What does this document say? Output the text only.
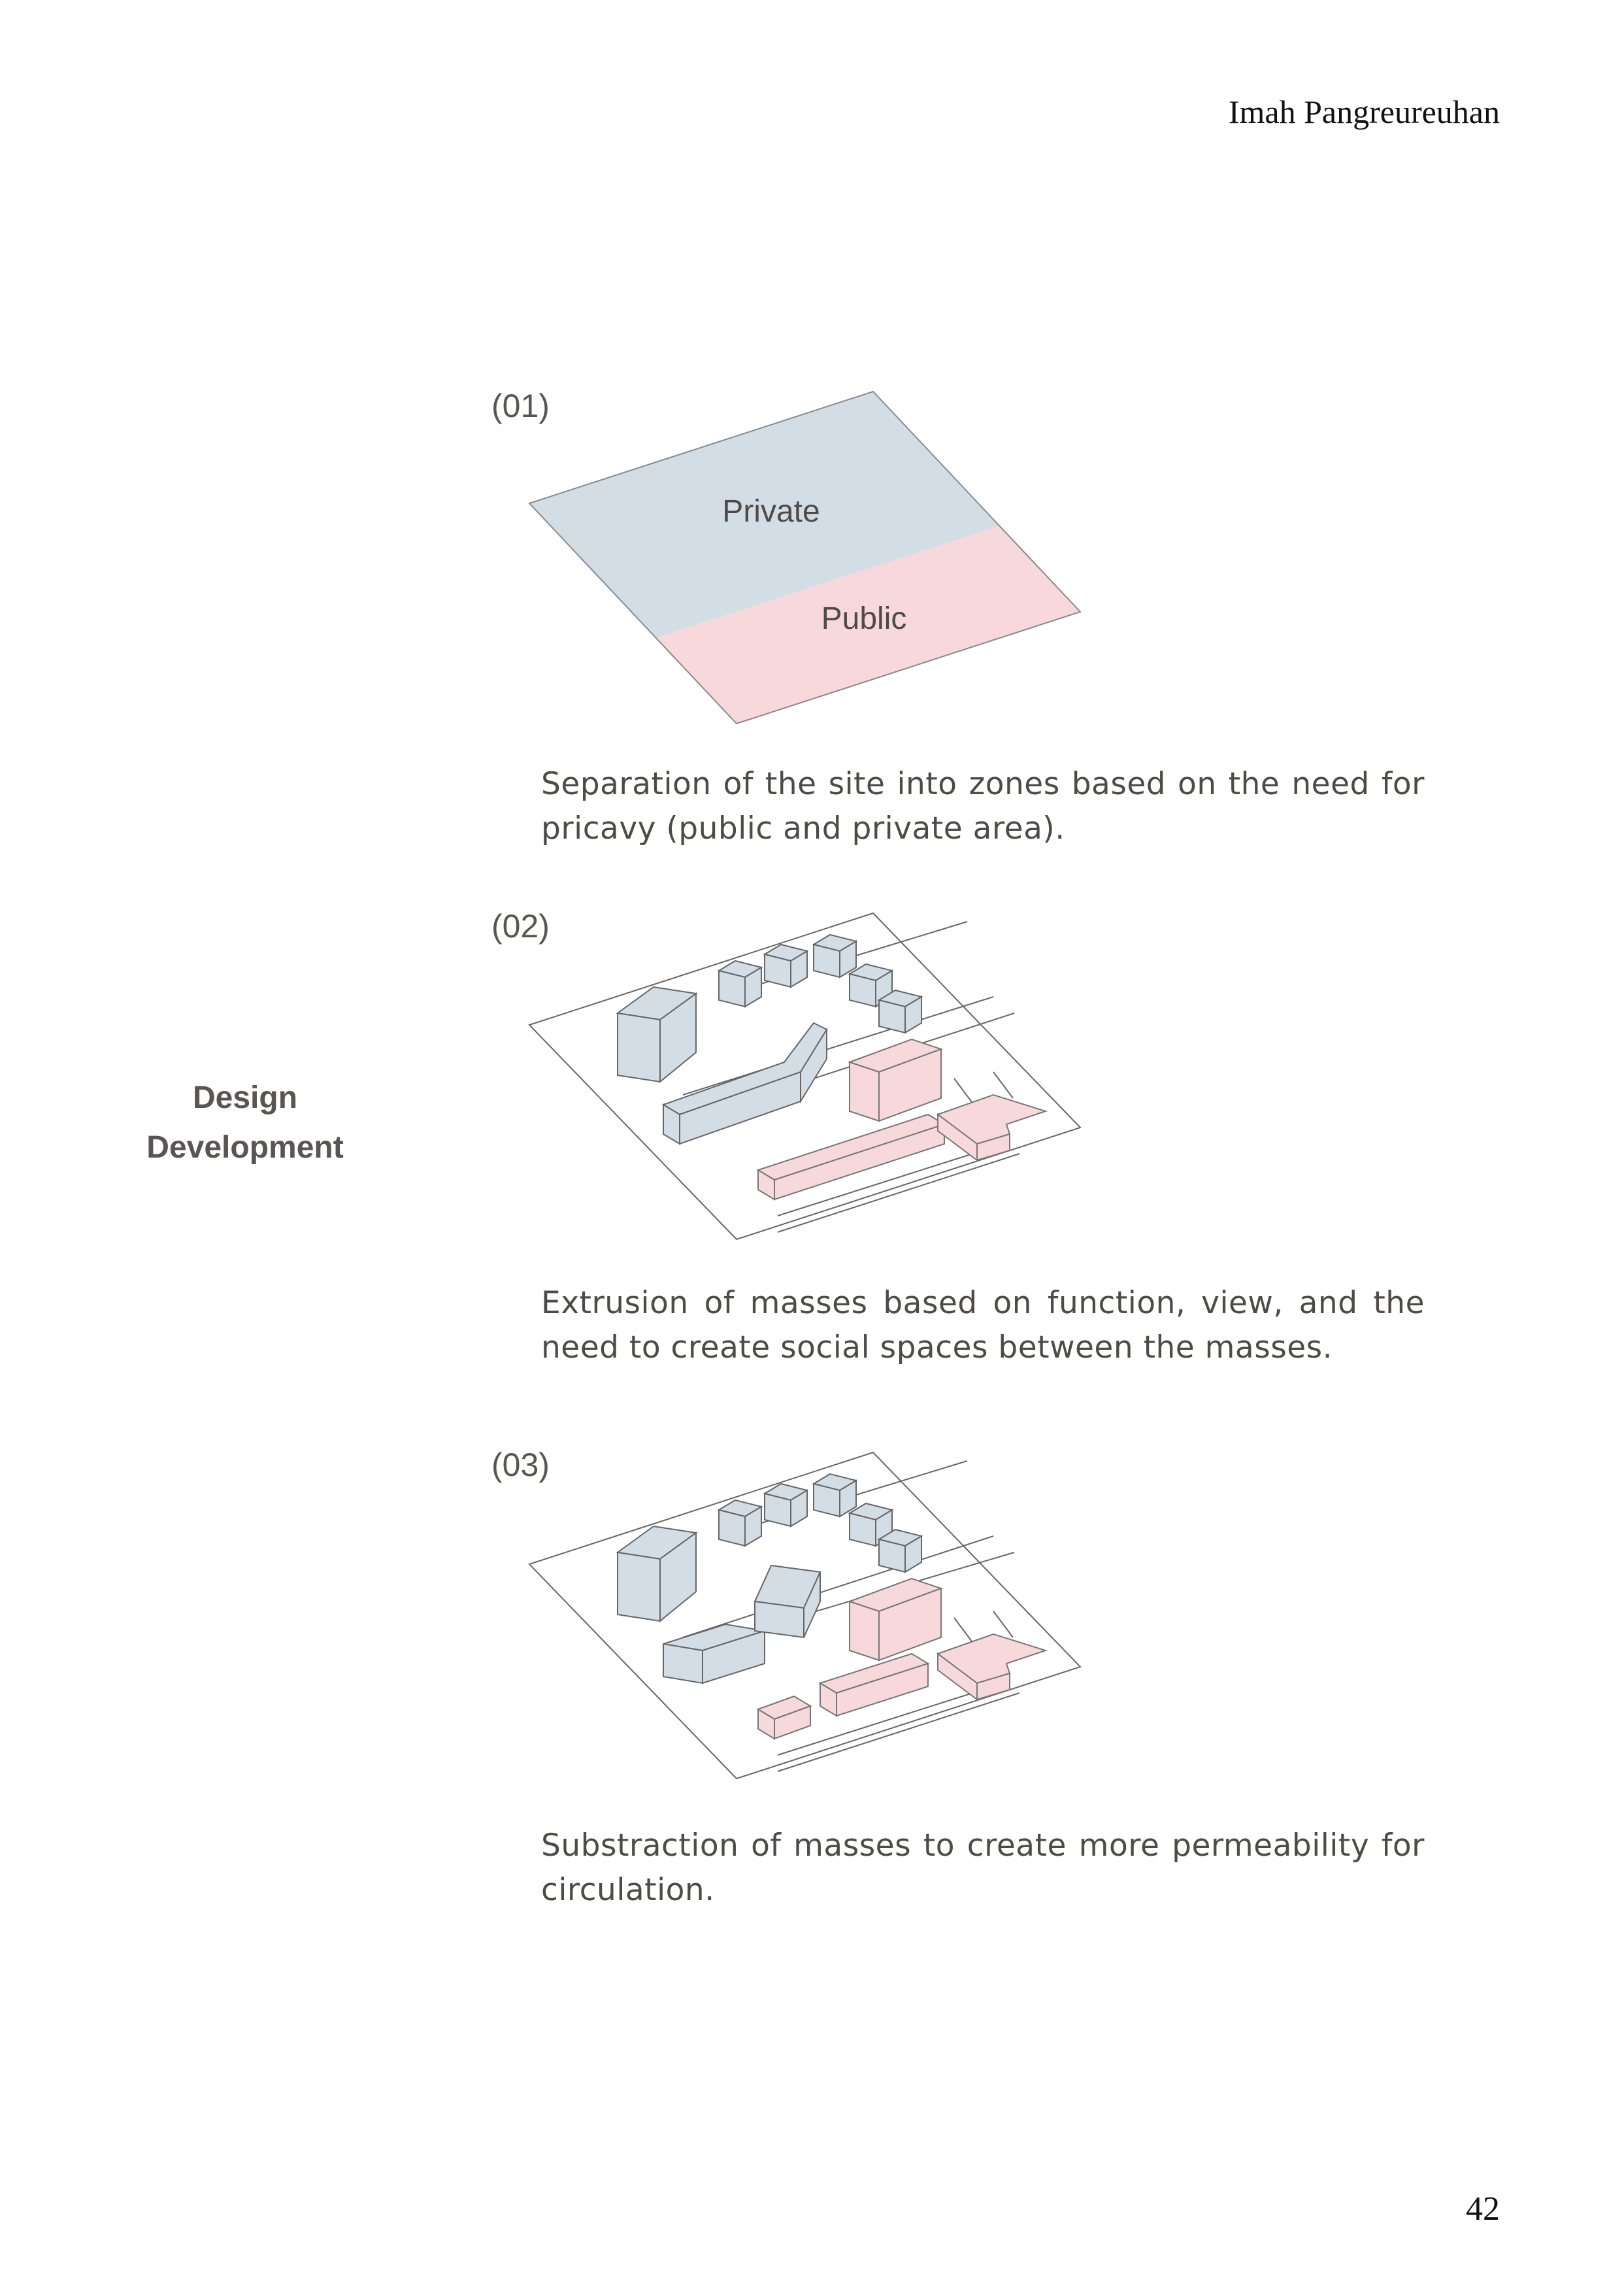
Imah Pangreureuhan
Design
Development
(01)
Private
Public
Separation of the site into zones based on the need for pricavy (public and private area).
(02)
Extrusion of masses based on function, view, and the need to create social spaces between the masses.
(03)
Substraction of masses to create more permeability for circulation.
42
